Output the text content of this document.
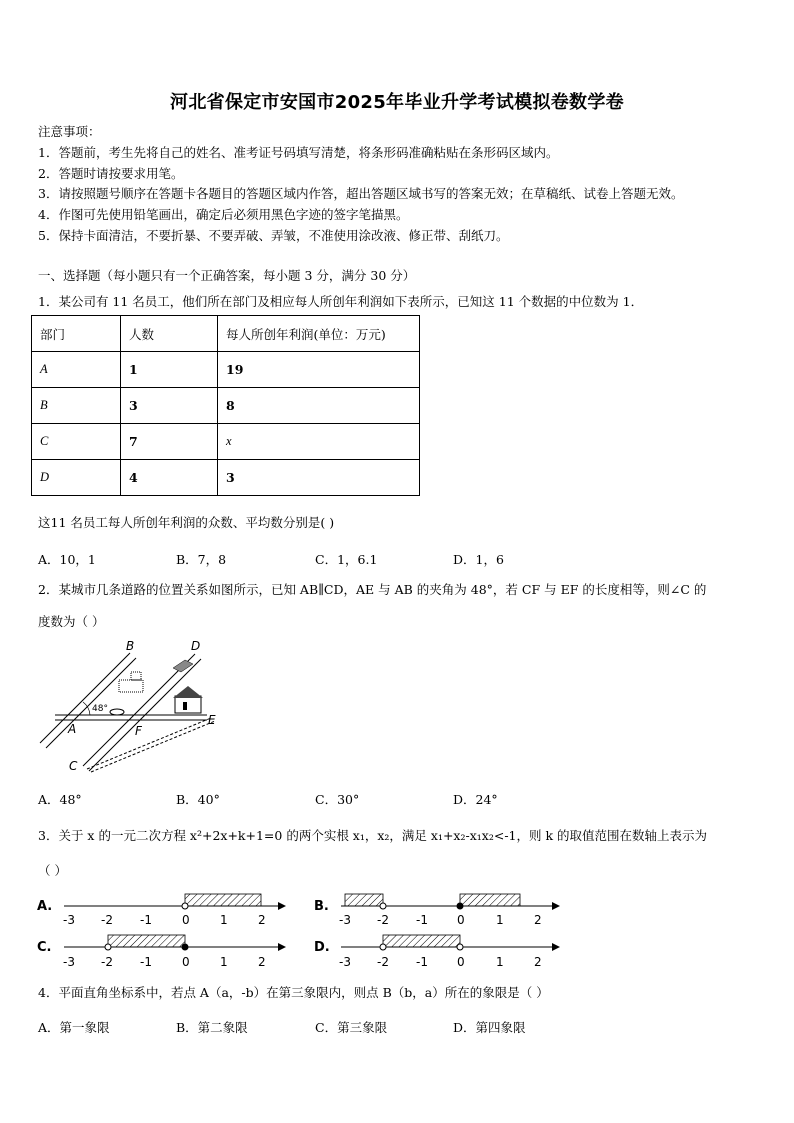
河北省保定市安国市2025年毕业升学考试模拟卷数学卷
注意事项：
1．答题前，考生先将自己的姓名、准考证号码填写清楚，将条形码准确粘贴在条形码区域内。
2．答题时请按要求用笔。
3．请按照题号顺序在答题卡各题目的答题区域内作答，超出答题区域书写的答案无效；在草稿纸、试卷上答题无效。
4．作图可先使用铅笔画出，确定后必须用黑色字迹的签字笔描黑。
5．保持卡面清洁，不要折暴、不要弄破、弄皱，不准使用涂改液、修正带、刮纸刀。
一、选择题（每小题只有一个正确答案，每小题 3 分，满分 30 分）
1．某公司有 11 名员工，他们所在部门及相应每人所创年利润如下表所示，已知这 11 个数据的中位数为 1．
部门	人数	每人所创年利润(单位：万元)
A	1	19
B	3	8
C	7	x
D	4	3
这11 名员工每人所创年利润的众数、平均数分别是( )
A．10，1	B．7，8	C．1，6.1	D．1，6
2．某城市几条道路的位置关系如图所示，已知 AB∥CD，AE 与 AB 的夹角为 48°，若 CF 与 EF 的长度相等，则∠C 的
度数为（ ）
48°
B	D
A	F
E
C
A．48°	B．40°	C．30°	D．24°
3．关于 x 的一元二次方程 x²+2x+k+1=0 的两个实根 x₁，x₂，满足 x₁+x₂-x₁x₂<-1，则 k 的取值范围在数轴上表示为
（ ）
A.
-3 -2 -1	0	1	2
B.
-3 -2 -1 0	1	2
C.
-3 -2 -1	0	1	2
D.
-3 -2 -1 0	1	2
4．平面直角坐标系中，若点 A（a，-b）在第三象限内，则点 B（b，a）所在的象限是（ ）
A．第一象限	B．第二象限	C．第三象限	D．第四象限
